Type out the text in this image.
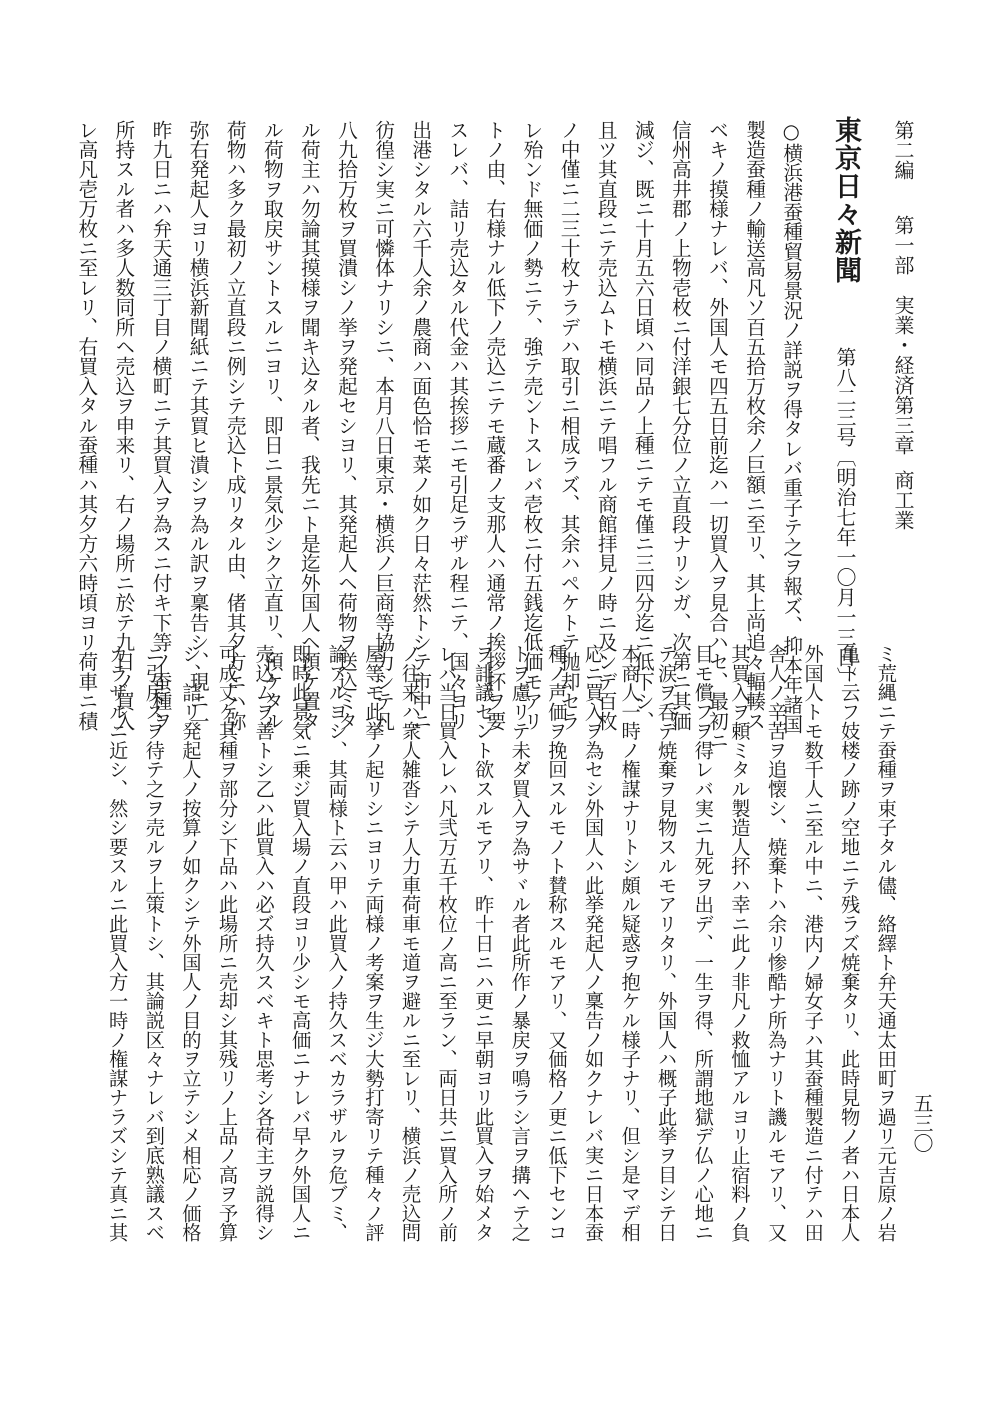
第二編
第一部
実業・経済
第三章
商工業
東京日々新聞 第八二三号〔明治七年一〇月一三日〕
○横浜港蚕種貿易景況ノ詳説ヲ得タレバ重子テ之ヲ報ズ、抑本年諸国
製造蚕種ノ輸送高凡ソ百五拾万枚余ノ巨額ニ至リ、其上尚追々輻輳ス
ベキノ摸様ナレバ、外国人モ四五日前迄ハ一切買入ヲ見合ハセ、最初ニ
信州高井郡ノ上物壱枚ニ付洋銀七分位ノ立直段ナリシガ、次第ニ其価
減ジ、既ニ十月五六日頃ハ同品ノ上種ニテモ僅ニ三四分迄ニ低下シ、
且ツ其直段ニテ売込ムトモ横浜ニテ唱フル商館拝見ノ時ニ及ンデ百枚
ノ中僅ニ二三十枚ナラデハ取引ニ相成ラズ、其余ハペケトテ抛却セラ
レ殆ンド無価ノ勢ニテ、強テ売ントスレバ壱枚ニ付五銭迄低価モアリ
トノ由、右様ナル低下ノ売込ニテモ蔵番ノ支那人ハ通常ノ挨拶抔ヲ要
スレバ、詰リ売込タル代金ハ其挨拶ニモ引足ラザル程ニテ、国々ヨリ
出港シタル六千人余ノ農商ハ面色恰モ菜ノ如ク日々茫然トシテ市中ニ
彷徨シ実ニ可憐体ナリシニ、本月八日東京・横浜ノ巨商等協力シテ凡
八九拾万枚ヲ買潰シノ挙ヲ発起セシヨリ、其発起人ヘ荷物ヲ送込ミタ
ル荷主ハ勿論其摸様ヲ聞キ込タル者、我先ニト是迄外国人ヘ預ケ置タ
ル荷物ヲ取戻サントスルニヨリ、即日ニ景気少シク立直リ、預ケタル
荷物ハ多ク最初ノ立直段ニ例シテ売込ト成リタル由、偖其夕方ニハ弥
弥右発起人ヨリ横浜新聞紙ニテ其買ヒ潰シヲ為ル訳ヲ稟告シ、現ニ一
昨九日ニハ弁天通三丁目ノ横町ニテ其買入ヲ為スニ付キ下等ノ蚕種ヲ
所持スル者ハ多人数同所ヘ売込ヲ申来リ、右ノ場所ニ於テ九日ノ買入
レ高凡壱万枚ニ至レリ、右買入タル蚕種ハ其夕方六時頃ヨリ荷車ニ積
ミ荒縄ニテ蚕種ヲ束子タル儘、絡繹ト弁天通太田町ヲ過リ元吉原ノ岩
亀ト云フ妓楼ノ跡ノ空地ニテ残ラズ焼棄タリ、此時見物ノ者ハ日本人
外国人トモ数千人ニ至ル中ニ、港内ノ婦女子ハ其蚕種製造ニ付テハ田
舎人ノ辛苦ヲ追懐シ、焼棄トハ余リ惨酷ナ所為ナリト譏ルモアリ、又
其買入ヲ頼ミタル製造人抔ハ幸ニ此ノ非凡ノ救恤アルヨリ止宿料ノ負
目モ償フヲ得レバ実ニ九死ヲ出デ、一生ヲ得、所謂地獄デ仏ノ心地ニ
テ涙ヲ呑デ焼棄ヲ見物スルモアリタリ、外国人ハ概子此挙ヲ目シテ日
本商人一時ノ権謀ナリトシ頗ル疑惑ヲ抱ケル様子ナリ、但シ是マデ相
応ニ買入ヲ為セシ外国人ハ此挙発起人ノ稟告ノ如クナレバ実ニ日本蚕
種ノ声価ヲ挽回スルモノト賛称スルモアリ、又価格ノ更ニ低下センコ
トヲ慮リテ未ダ買入ヲ為サヾル者此所作ノ暴戻ヲ鳴ラシ言ヲ搆ヘテ之
ヲ誹議セント欲スルモアリ、昨十日ニハ更ニ早朝ヨリ此買入ヲ始メタ
レバ当日買入レハ凡弐万五千枚位ノ高ニ至ラン、両日共ニ買入所ノ前
ノ往来ハ衆人雑沓シテ人力車荷車モ道ヲ避ルニ至レリ、横浜ノ売込問
屋等モ此挙ノ起リシニヨリテ両様ノ考案ヲ生ジ大勢打寄リテ種々ノ評
論アルヨシ、其両様ト云ハ甲ハ此買入ノ持久スベカラザルヲ危ブミ、
即時此景気ニ乗ジ買入場ノ直段ヨリ少シモ高価ニナレバ早ク外国人ニ
売込ムヲ善トシ乙ハ此買入ハ必ズ持久スベキト思考シ各荷主ヲ説得シ
可成丈ケ其種ヲ部分シ下品ハ此場所ニ売却シ其残リノ上品ノ高ヲ予算
シ、詰リ発起人ノ按算ノ如クシテ外国人ノ目的ヲ立テシメ相応ノ価格
ニ引戻スヲ待テ之ヲ売ルヲ上策トシ、其論説区々ナレバ到底熟議スベ
カラザルニ近シ、然シ要スルニ此買入方一時ノ権謀ナラズシテ真ニ其	五三〇
